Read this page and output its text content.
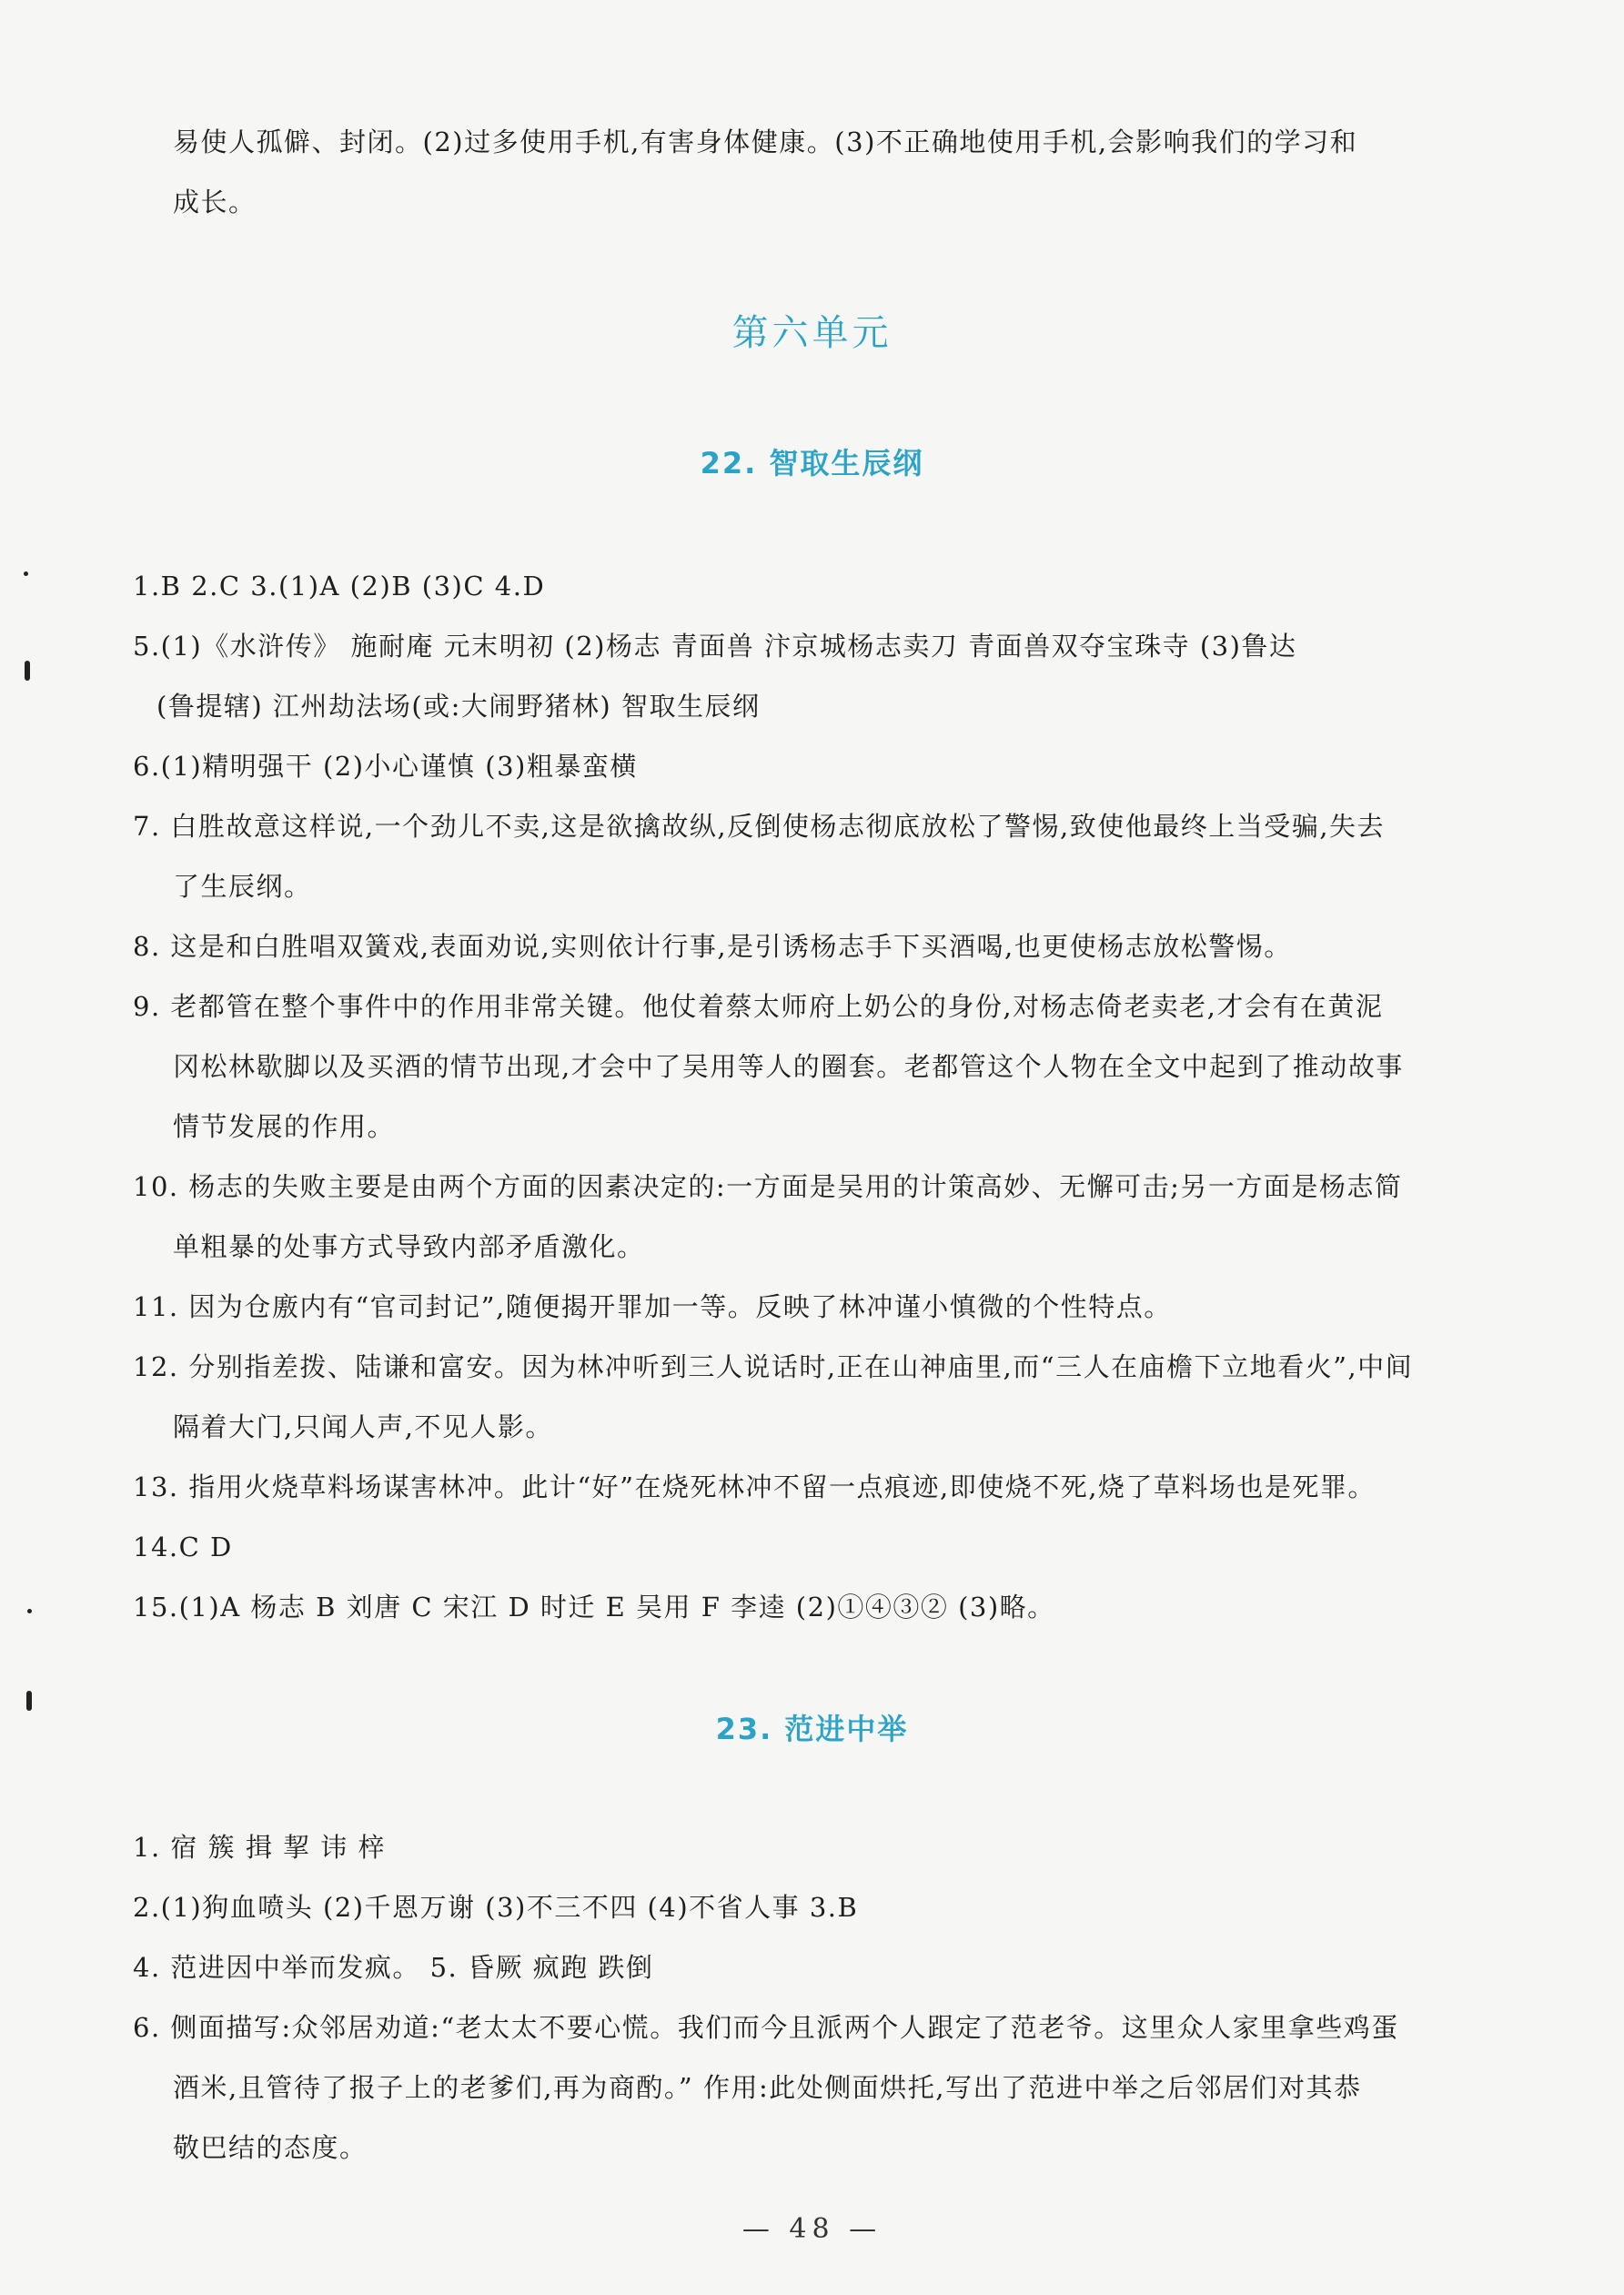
易使人孤僻、封闭。(2)过多使用手机,有害身体健康。(3)不正确地使用手机,会影响我们的学习和
成长。
第六单元
22. 智取生辰纲
1.B 2.C 3.(1)A (2)B (3)C 4.D
5.(1)《水浒传》 施耐庵 元末明初 (2)杨志 青面兽 汴京城杨志卖刀 青面兽双夺宝珠寺 (3)鲁达
(鲁提辖) 江州劫法场(或:大闹野猪林) 智取生辰纲
6.(1)精明强干 (2)小心谨慎 (3)粗暴蛮横
7. 白胜故意这样说,一个劲儿不卖,这是欲擒故纵,反倒使杨志彻底放松了警惕,致使他最终上当受骗,失去
了生辰纲。
8. 这是和白胜唱双簧戏,表面劝说,实则依计行事,是引诱杨志手下买酒喝,也更使杨志放松警惕。
9. 老都管在整个事件中的作用非常关键。他仗着蔡太师府上奶公的身份,对杨志倚老卖老,才会有在黄泥
冈松林歇脚以及买酒的情节出现,才会中了吴用等人的圈套。老都管这个人物在全文中起到了推动故事
情节发展的作用。
10. 杨志的失败主要是由两个方面的因素决定的:一方面是吴用的计策高妙、无懈可击;另一方面是杨志简
单粗暴的处事方式导致内部矛盾激化。
11. 因为仓廒内有“官司封记”,随便揭开罪加一等。反映了林冲谨小慎微的个性特点。
12. 分别指差拨、陆谦和富安。因为林冲听到三人说话时,正在山神庙里,而“三人在庙檐下立地看火”,中间
隔着大门,只闻人声,不见人影。
13. 指用火烧草料场谋害林冲。此计“好”在烧死林冲不留一点痕迹,即使烧不死,烧了草料场也是死罪。
14.C D
15.(1)A 杨志 B 刘唐 C 宋江 D 时迁 E 吴用 F 李逵 (2)①④③② (3)略。
23. 范进中举
1. 宿 簇 揖 挈 讳 梓
2.(1)狗血喷头 (2)千恩万谢 (3)不三不四 (4)不省人事 3.B
4. 范进因中举而发疯。 5. 昏厥 疯跑 跌倒
6. 侧面描写:众邻居劝道:“老太太不要心慌。我们而今且派两个人跟定了范老爷。这里众人家里拿些鸡蛋
酒米,且管待了报子上的老爹们,再为商酌。” 作用:此处侧面烘托,写出了范进中举之后邻居们对其恭
敬巴结的态度。
— 48 —
